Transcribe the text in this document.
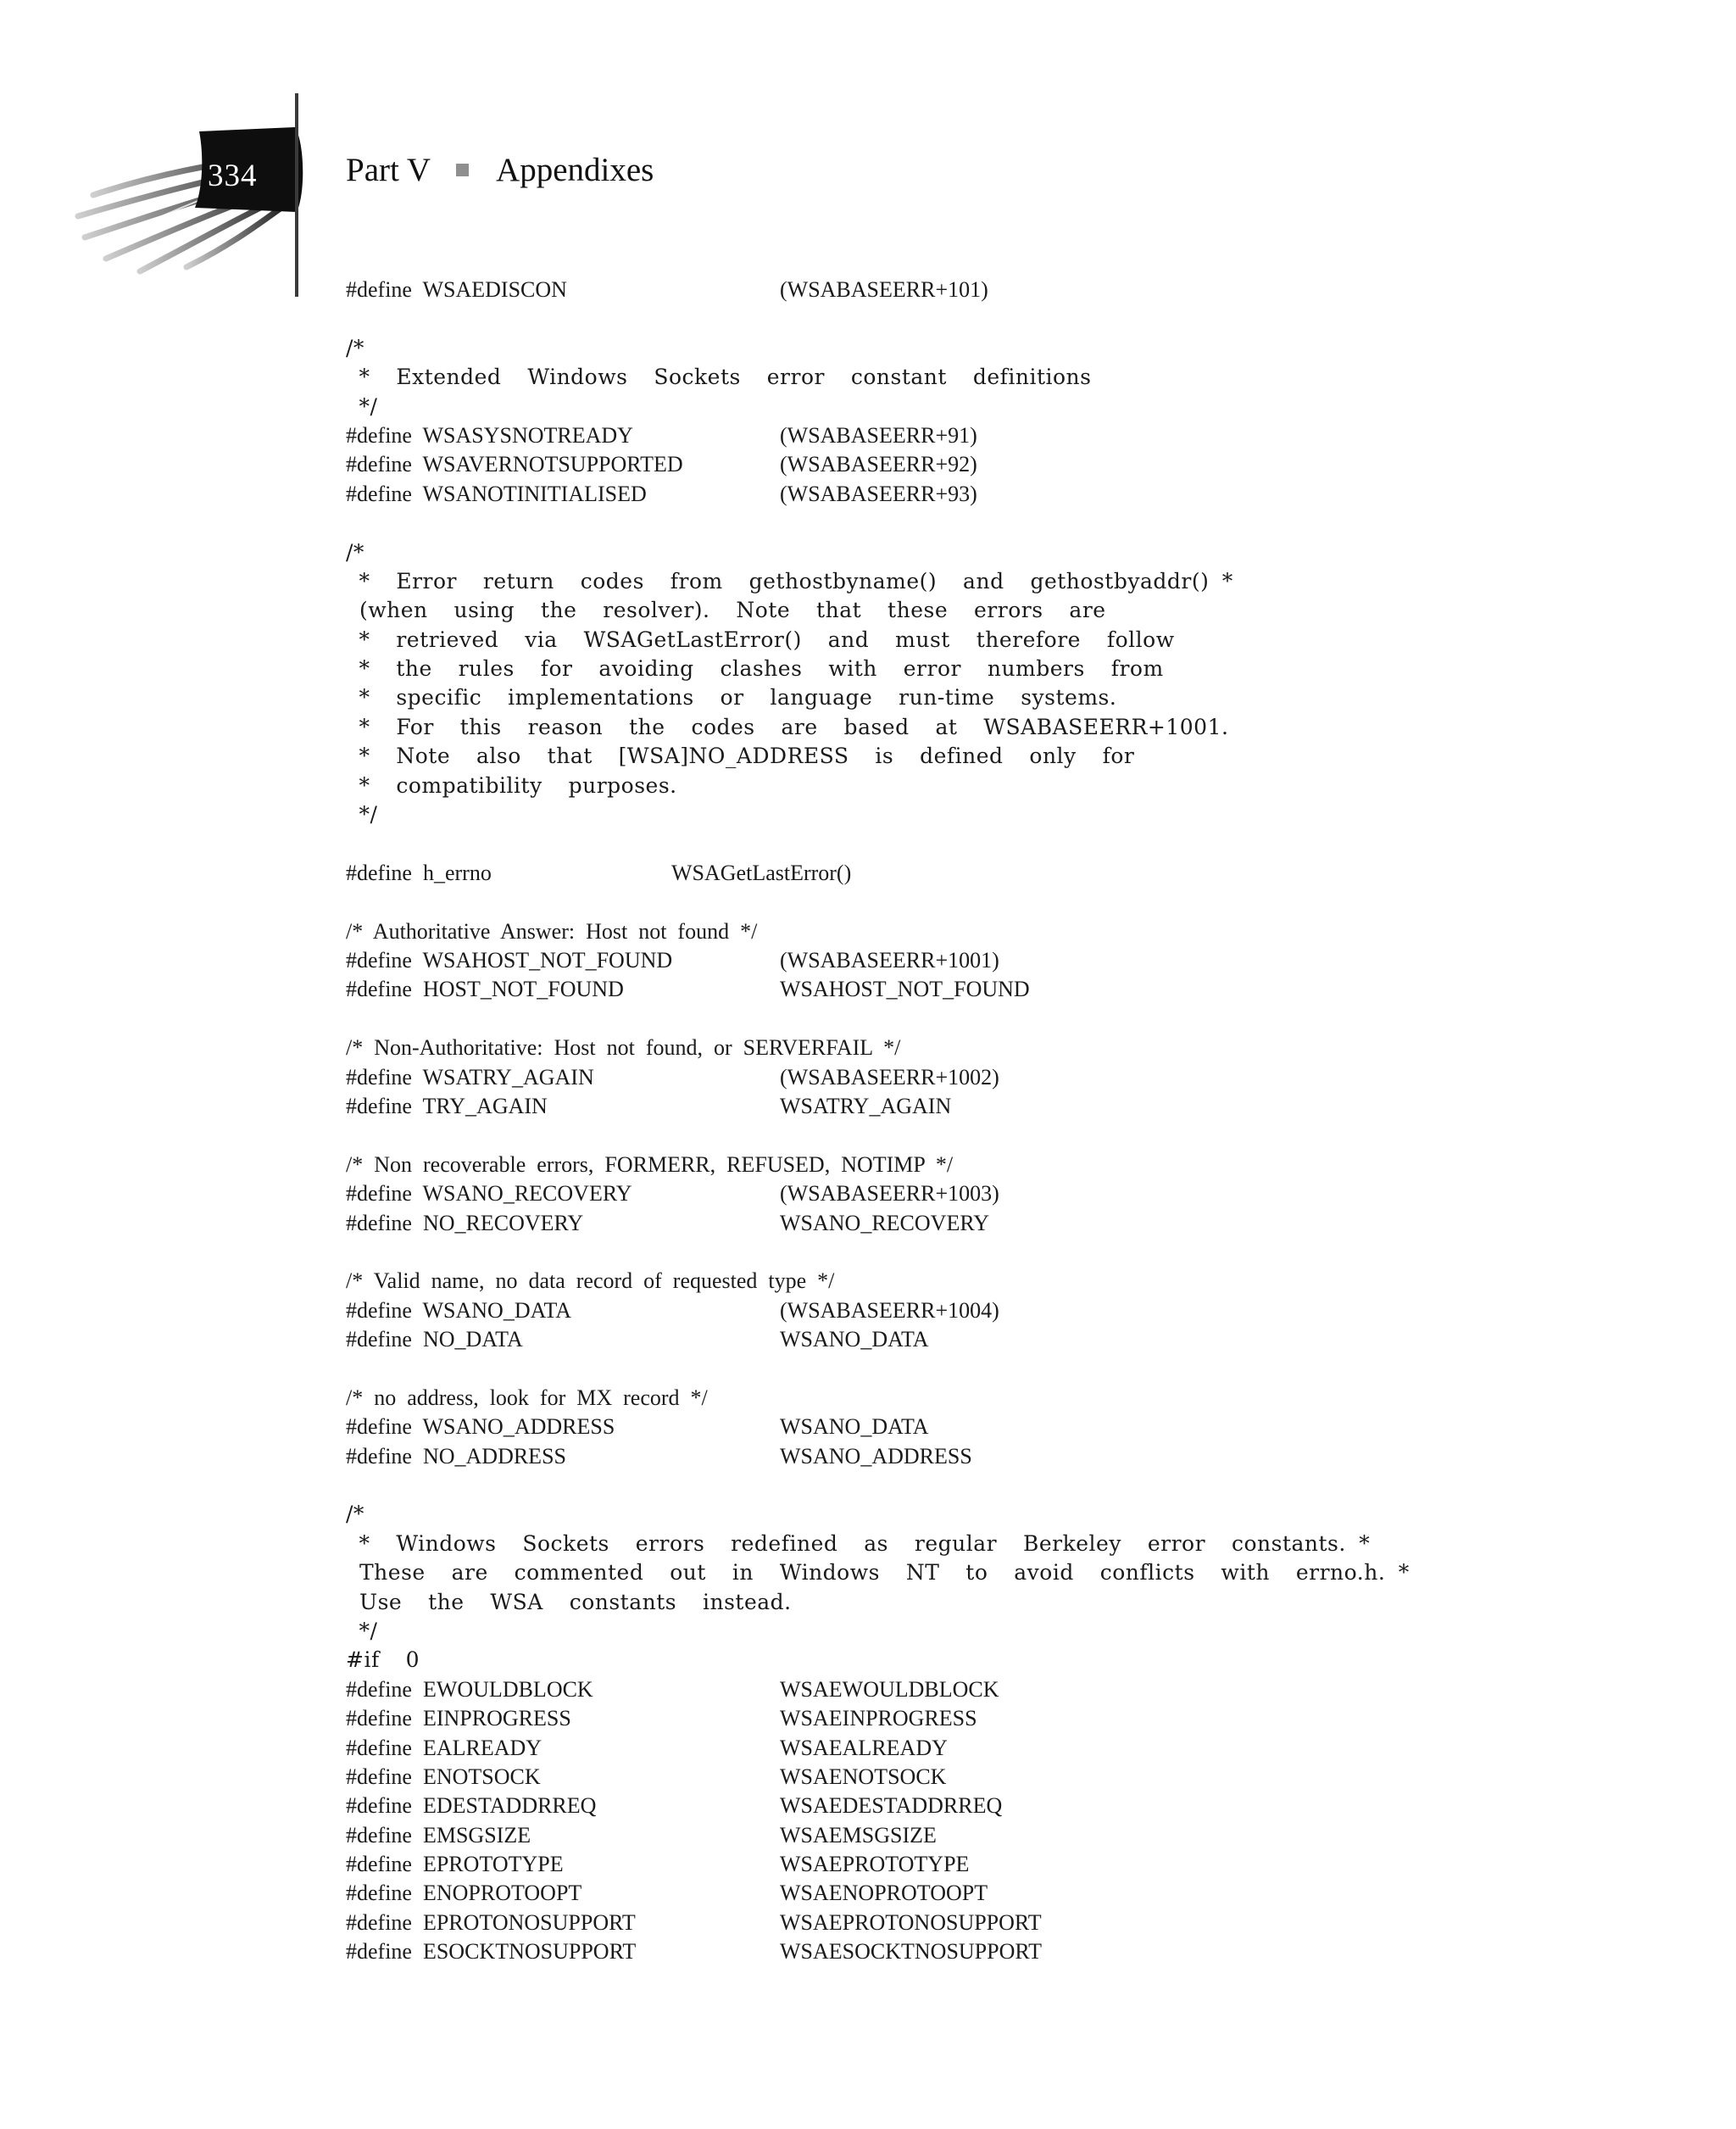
334	Part V Appendixes
#define  WSAEDISCON	(WSABASEERR+101)
/*
*  Extended  Windows  Sockets  error  constant  definitions
*/
#define  WSASYSNOTREADY	(WSABASEERR+91)
#define  WSAVERNOTSUPPORTED	(WSABASEERR+92)
#define  WSANOTINITIALISED	(WSABASEERR+93)
/*
*  Error  return  codes  from  gethostbyname()  and  gethostbyaddr() *
(when  using  the  resolver).  Note  that  these  errors  are
*  retrieved  via  WSAGetLastError()  and  must  therefore  follow
*  the  rules  for  avoiding  clashes  with  error  numbers  from
*  specific  implementations  or  language  run-time  systems.
*  For  this  reason  the  codes  are  based  at  WSABASEERR+1001.
*  Note  also  that  [WSA]NO_ADDRESS  is  defined  only  for
*  compatibility  purposes.
*/
#define  h_errno	WSAGetLastError()
/*  Authoritative  Answer:  Host  not  found  */
#define  WSAHOST_NOT_FOUND	(WSABASEERR+1001)
#define  HOST_NOT_FOUND	WSAHOST_NOT_FOUND
/*  Non-Authoritative:  Host  not  found,  or  SERVERFAIL  */
#define  WSATRY_AGAIN	(WSABASEERR+1002)
#define  TRY_AGAIN	WSATRY_AGAIN
/*  Non  recoverable  errors,  FORMERR,  REFUSED,  NOTIMP  */
#define  WSANO_RECOVERY	(WSABASEERR+1003)
#define  NO_RECOVERY	WSANO_RECOVERY
/*  Valid  name,  no  data  record  of  requested  type  */
#define  WSANO_DATA	(WSABASEERR+1004)
#define  NO_DATA	WSANO_DATA
/*  no  address,  look  for  MX  record  */
#define  WSANO_ADDRESS	WSANO_DATA
#define  NO_ADDRESS	WSANO_ADDRESS
/*
*  Windows  Sockets  errors  redefined  as  regular  Berkeley  error  constants. *
These  are  commented  out  in  Windows  NT  to  avoid  conflicts  with  errno.h. *
Use  the  WSA  constants  instead.
*/
#if  0
#define  EWOULDBLOCK	WSAEWOULDBLOCK
#define  EINPROGRESS	WSAEINPROGRESS
#define  EALREADY	WSAEALREADY
#define  ENOTSOCK	WSAENOTSOCK
#define  EDESTADDRREQ	WSAEDESTADDRREQ
#define  EMSGSIZE	WSAEMSGSIZE
#define  EPROTOTYPE	WSAEPROTOTYPE
#define  ENOPROTOOPT	WSAENOPROTOOPT
#define  EPROTONOSUPPORT	WSAEPROTONOSUPPORT
#define  ESOCKTNOSUPPORT	WSAESOCKTNOSUPPORT
